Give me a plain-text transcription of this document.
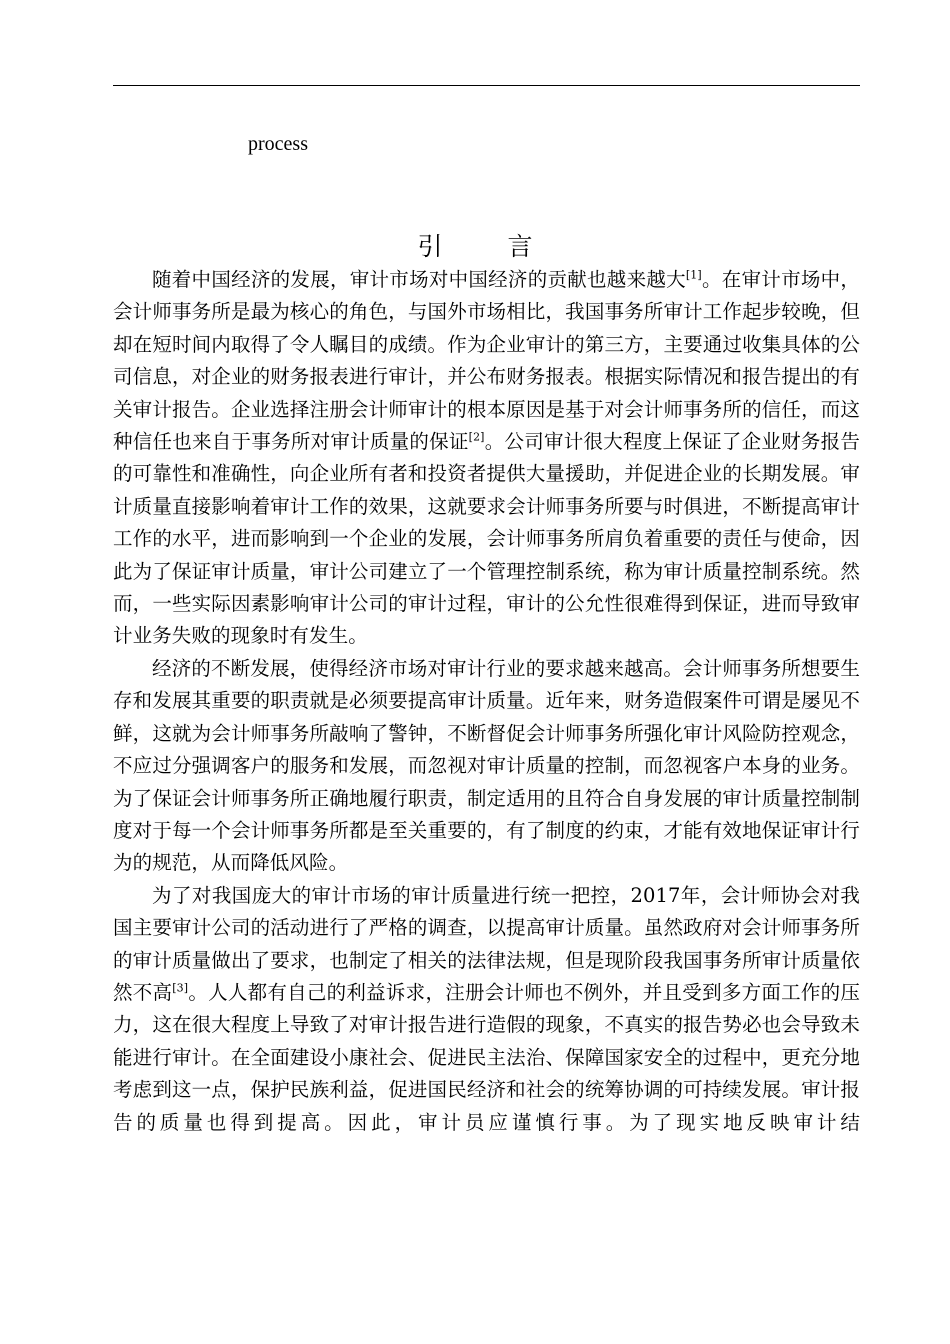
process
引　言

随着中国经济的发展，审计市场对中国经济的贡献也越来越大[1]。在审计市场中，会计师事务所是最为核心的角色，与国外市场相比，我国事务所审计工作起步较晚，但却在短时间内取得了令人瞩目的成绩。作为企业审计的第三方，主要通过收集具体的公司信息，对企业的财务报表进行审计，并公布财务报表。根据实际情况和报告提出的有关审计报告。企业选择注册会计师审计的根本原因是基于对会计师事务所的信任，而这种信任也来自于事务所对审计质量的保证[2]。公司审计很大程度上保证了企业财务报告的可靠性和准确性，向企业所有者和投资者提供大量援助，并促进企业的长期发展。审计质量直接影响着审计工作的效果，这就要求会计师事务所要与时俱进，不断提高审计工作的水平，进而影响到一个企业的发展，会计师事务所肩负着重要的责任与使命，因此为了保证审计质量，审计公司建立了一个管理控制系统，称为审计质量控制系统。然而，一些实际因素影响审计公司的审计过程，审计的公允性很难得到保证，进而导致审计业务失败的现象时有发生。

经济的不断发展，使得经济市场对审计行业的要求越来越高。会计师事务所想要生存和发展其重要的职责就是必须要提高审计质量。近年来，财务造假案件可谓是屡见不鲜，这就为会计师事务所敲响了警钟，不断督促会计师事务所强化审计风险防控观念，不应过分强调客户的服务和发展，而忽视对审计质量的控制，而忽视客户本身的业务。为了保证会计师事务所正确地履行职责，制定适用的且符合自身发展的审计质量控制制度对于每一个会计师事务所都是至关重要的，有了制度的约束，才能有效地保证审计行为的规范，从而降低风险。

为了对我国庞大的审计市场的审计质量进行统一把控，2017年，会计师协会对我国主要审计公司的活动进行了严格的调查，以提高审计质量。虽然政府对会计师事务所的审计质量做出了要求，也制定了相关的法律法规，但是现阶段我国事务所审计质量依然不高[3]。人人都有自己的利益诉求，注册会计师也不例外，并且受到多方面工作的压力，这在很大程度上导致了对审计报告进行造假的现象，不真实的报告势必也会导致未能进行审计。在全面建设小康社会、促进民主法治、保障国家安全的过程中，更充分地考虑到这一点，保护民族利益，促进国民经济和社会的统筹协调的可持续发展。审计报告的质量也得到提高。因此，审计员应谨慎行事。为了现实地反映审计结
